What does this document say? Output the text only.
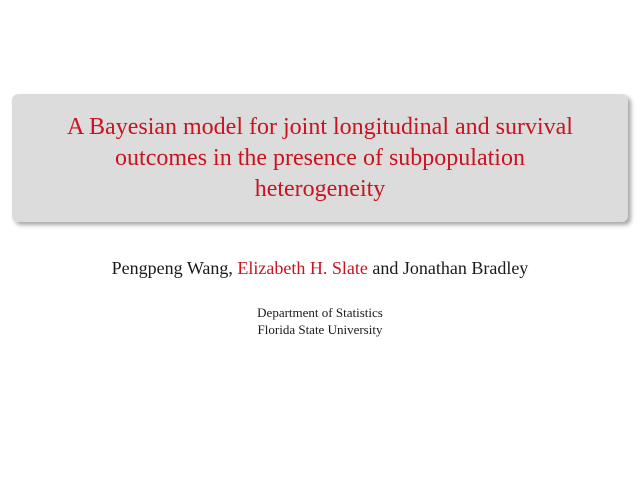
A Bayesian model for joint longitudinal and survival
outcomes in the presence of subpopulation
heterogeneity
Pengpeng Wang, Elizabeth H. Slate and Jonathan Bradley
Department of Statistics
Florida State University
